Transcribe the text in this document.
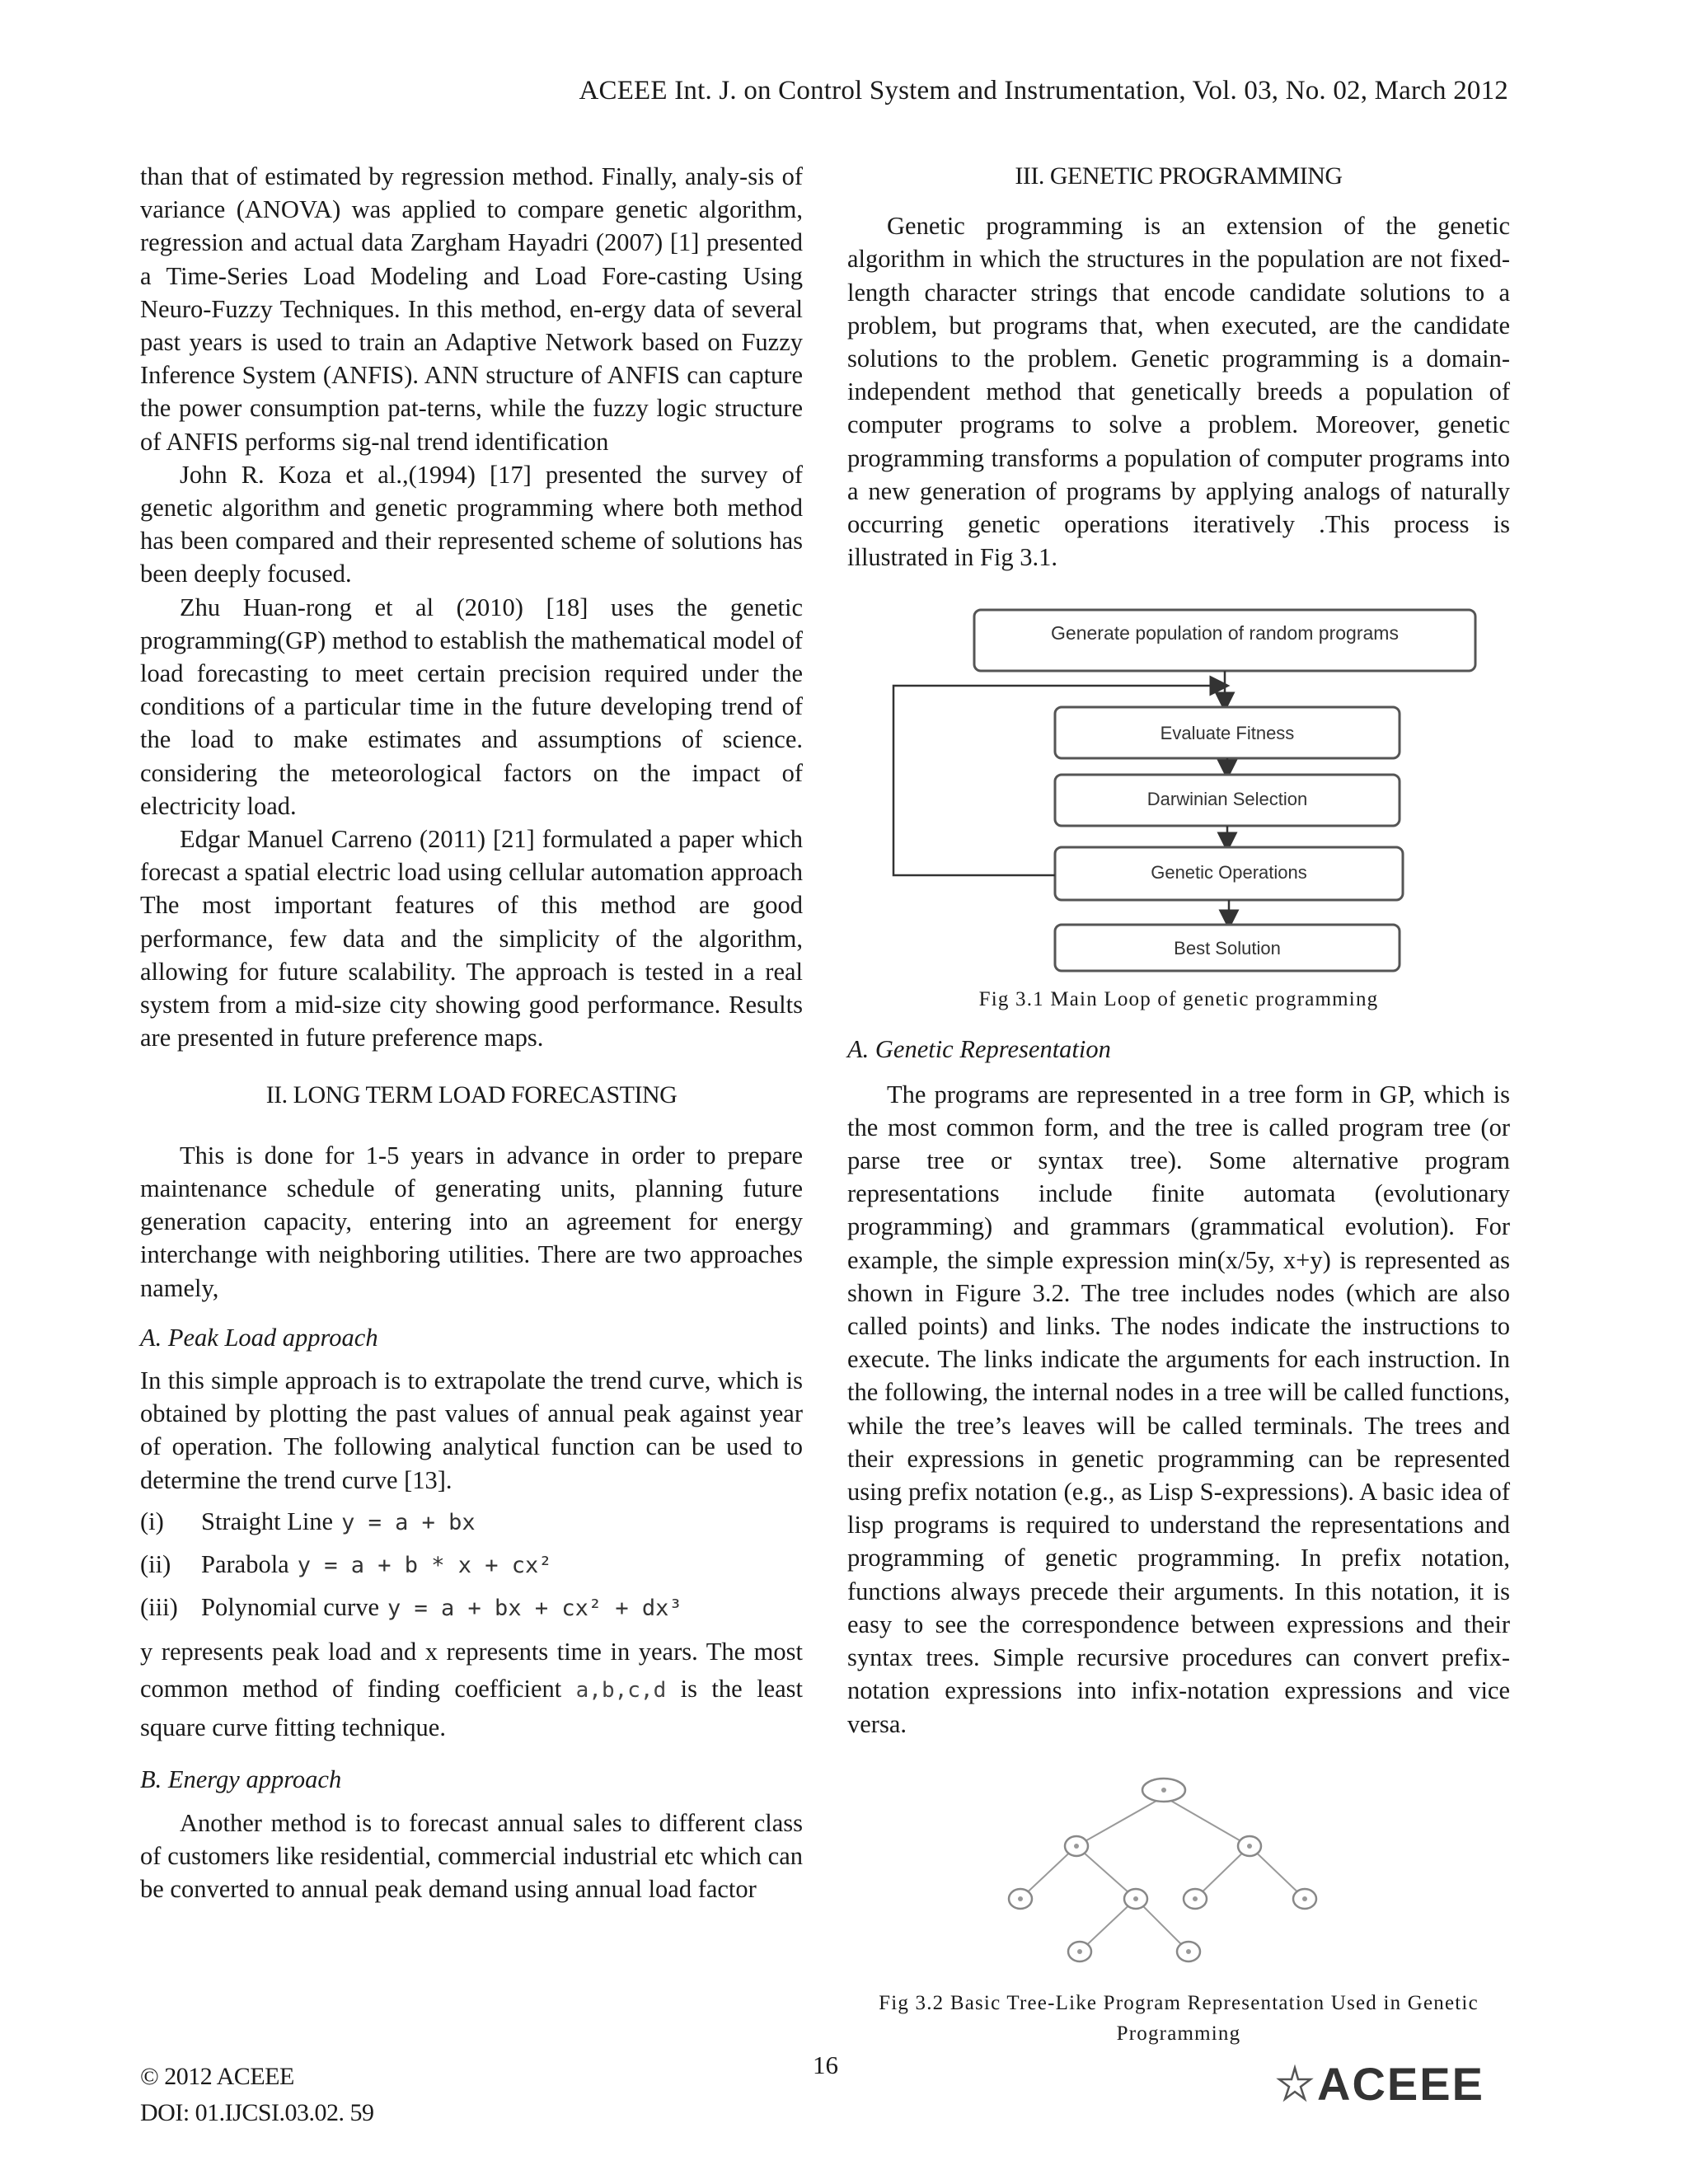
ACEEE Int. J. on Control System and Instrumentation, Vol. 03, No. 02, March 2012

than that of estimated by regression method. Finally, analy-sis of variance (ANOVA) was applied to compare genetic algorithm, regression and actual data Zargham Hayadri (2007) [1] presented a Time-Series Load Modeling and Load Fore-casting Using Neuro-Fuzzy Techniques. In this method, en-ergy data of several past years is used to train an Adaptive Network based on Fuzzy Inference System (ANFIS). ANN structure of ANFIS can capture the power consumption pat-terns, while the fuzzy logic structure of ANFIS performs sig-nal trend identification

John R. Koza et al.,(1994) [17] presented the survey of genetic algorithm and genetic programming where both method has been compared and their represented scheme of solutions has been deeply focused.

Zhu Huan-rong et al (2010) [18] uses the genetic programming(GP) method to establish the mathematical model of load forecasting to meet certain precision required under the conditions of a particular time in the future developing trend of the load to make estimates and assumptions of science. considering the meteorological factors on the impact of electricity load.

Edgar Manuel Carreno (2011) [21] formulated a paper which forecast a spatial electric load using cellular automation approach The most important features of this method are good performance, few data and the simplicity of the algorithm, allowing for future scalability. The approach is tested in a real system from a mid-size city showing good performance. Results are presented in future preference maps.

II. LONG TERM LOAD FORECASTING

This is done for 1-5 years in advance in order to prepare maintenance schedule of generating units, planning future generation capacity, entering into an agreement for energy interchange with neighboring utilities. There are two approaches namely,

A. Peak Load approach

In this simple approach is to extrapolate the trend curve, which is obtained by plotting the past values of annual peak against year of operation. The following analytical function can be used to determine the trend curve [13].

(i)	Straight Line y = a + bx
(ii)	Parabola y = a + b * x + cx²
(iii) Polynomial curve y = a + bx + cx² + dx³

y represents peak load and x represents time in years. The most common method of finding coefficient a,b,c,d is the least square curve fitting technique.

B. Energy approach

Another method is to forecast annual sales to different class of customers like residential, commercial industrial etc which can be converted to annual peak demand using annual load factor

III. GENETIC PROGRAMMING

Genetic programming is an extension of the genetic algorithm in which the structures in the population are not fixed-length character strings that encode candidate solutions to a problem, but programs that, when executed, are the candidate solutions to the problem. Genetic programming is a domain-independent method that genetically breeds a population of computer programs to solve a problem. Moreover, genetic programming transforms a population of computer programs into a new generation of programs by applying analogs of naturally occurring genetic operations iteratively .This process is illustrated in Fig 3.1.

Generate population of random programs
Evaluate Fitness
Darwinian Selection
Genetic Operations
Best Solution
Fig 3.1 Main Loop of genetic programming

A. Genetic Representation

The programs are represented in a tree form in GP, which is the most common form, and the tree is called program tree (or parse tree or syntax tree). Some alternative program representations include finite automata (evolutionary programming) and grammars (grammatical evolution). For example, the simple expression min(x/5y, x+y) is represented as shown in Figure 3.2. The tree includes nodes (which are also called points) and links. The nodes indicate the instructions to execute. The links indicate the arguments for each instruction. In the following, the internal nodes in a tree will be called functions, while the tree’s leaves will be called terminals. The trees and their expressions in genetic programming can be represented using prefix notation (e.g., as Lisp S-expressions). A basic idea of lisp programs is required to understand the representations and programming of genetic programming. In prefix notation, functions always precede their arguments. In this notation, it is easy to see the correspondence between expressions and their syntax trees. Simple recursive procedures can convert prefix-notation expressions into infix-notation expressions and vice versa.

Fig 3.2 Basic Tree-Like Program Representation Used in Genetic Programming
© 2012 ACEEE
DOI: 01.IJCSI.03.02. 59
16	ACEEE
